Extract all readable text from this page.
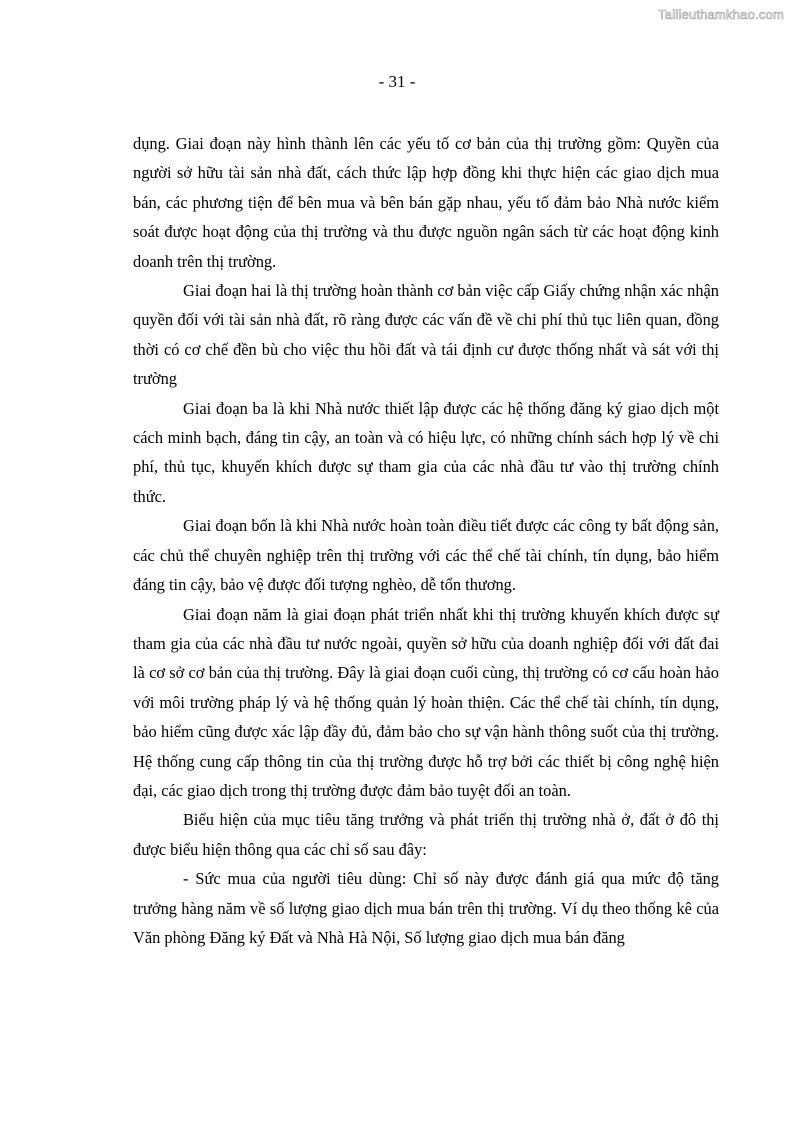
Tailieuthamkhao.com
- 31 -

dụng. Giai đoạn này hình thành lên các yếu tố cơ bản của thị trường gồm: Quyền của người sở hữu tài sản nhà đất, cách thức lập hợp đồng khi thực hiện các giao dịch mua bán, các phương tiện để bên mua và bên bán gặp nhau, yếu tố đảm bảo Nhà nước kiểm soát được hoạt động của thị trường và thu được nguồn ngân sách từ các hoạt động kinh doanh trên thị trường.

Giai đoạn hai là thị trường hoàn thành cơ bản việc cấp Giấy chứng nhận xác nhận quyền đối với tài sản nhà đất, rõ ràng được các vấn đề về chi phí thủ tục liên quan, đồng thời có cơ chế đền bù cho việc thu hồi đất và tái định cư được thống nhất và sát với thị trường

Giai đoạn ba là khi Nhà nước thiết lập được các hệ thống đăng ký giao dịch một cách minh bạch, đáng tin cậy, an toàn và có hiệu lực, có những chính sách hợp lý về chi phí, thủ tục, khuyến khích được sự tham gia của các nhà đầu tư vào thị trường chính thức.

Giai đoạn bốn là khi Nhà nước hoàn toàn điều tiết được các công ty bất động sản, các chủ thể chuyên nghiệp trên thị trường với các thể chế tài chính, tín dụng, bảo hiểm đáng tin cậy, bảo vệ được đối tượng nghèo, dễ tổn thương.

Giai đoạn năm là giai đoạn phát triển nhất khi thị trường khuyến khích được sự tham gia của các nhà đầu tư nước ngoài, quyền sở hữu của doanh nghiệp đối với đất đai là cơ sở cơ bản của thị trường. Đây là giai đoạn cuối cùng, thị trường có cơ cấu hoàn hảo với môi trường pháp lý và hệ thống quản lý hoàn thiện. Các thể chế tài chính, tín dụng, bảo hiểm cũng được xác lập đầy đủ, đảm bảo cho sự vận hành thông suốt của thị trường. Hệ thống cung cấp thông tin của thị trường được hỗ trợ bởi các thiết bị công nghệ hiện đại, các giao dịch trong thị trường được đảm bảo tuyệt đối an toàn.

Biểu hiện của mục tiêu tăng trưởng và phát triển thị trường nhà ở, đất ở đô thị được biểu hiện thông qua các chỉ số sau đây:

- Sức mua của người tiêu dùng: Chỉ số này được đánh giá qua mức độ tăng trưởng hàng năm về số lượng giao dịch mua bán trên thị trường. Ví dụ theo thống kê của Văn phòng Đăng ký Đất và Nhà Hà Nội, Số lượng giao dịch mua bán đăng
